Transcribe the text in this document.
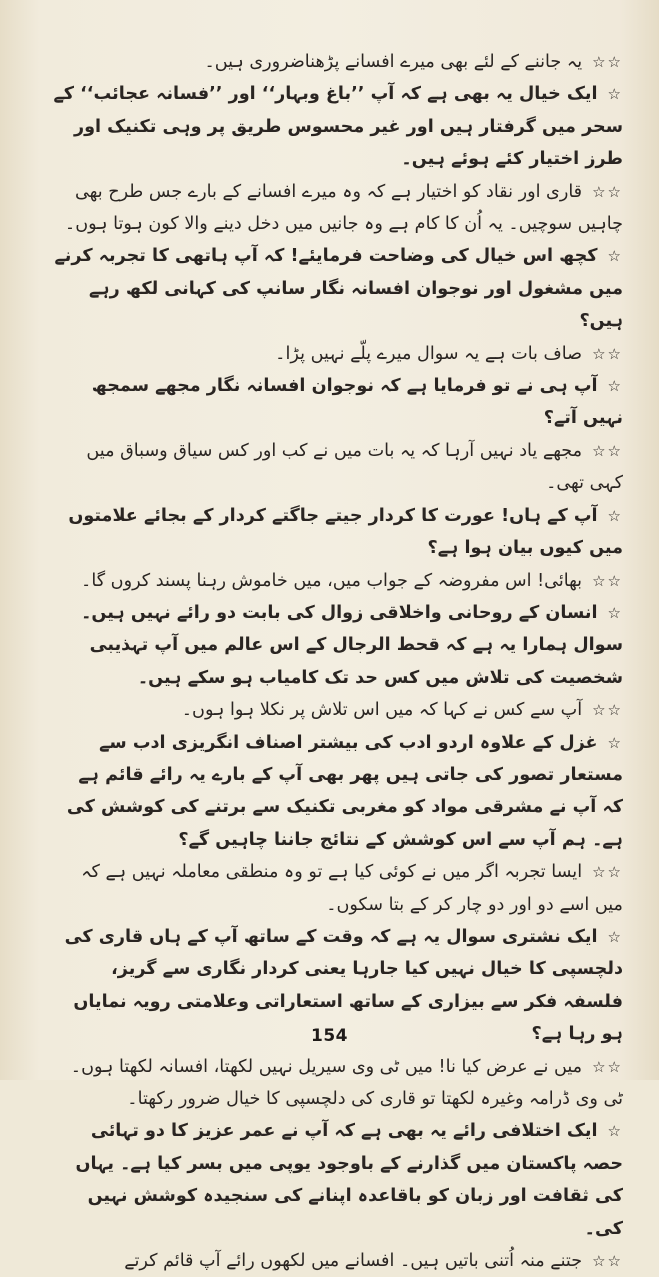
☆☆یہ جاننے کے لئے بھی میرے افسانے پڑھناضروری ہیں۔

☆ایک خیال یہ بھی ہے کہ آپ ’’باغ وبہار‘‘ اور ’’فسانہ عجائب‘‘ کے سحر میں گرفتار ہیں اور غیر محسوس طریق پر وہی تکنیک اور طرز اختیار کئے ہوئے ہیں۔

☆☆قاری اور نقاد کو اختیار ہے کہ وہ میرے افسانے کے بارے جس طرح بھی چاہیں سوچیں۔ یہ اُن کا کام ہے وہ جانیں میں دخل دینے والا کون ہوتا ہوں۔

☆کچھ اس خیال کی وضاحت فرمایئے! کہ آپ ہاتھی کا تجربہ کرنے میں مشغول اور نوجوان افسانہ نگار سانپ کی کہانی لکھ رہے ہیں؟

☆☆صاف بات ہے یہ سوال میرے پلّے نہیں پڑا۔

☆آپ ہی نے تو فرمایا ہے کہ نوجوان افسانہ نگار مجھے سمجھ نہیں آتے؟

☆☆مجھے یاد نہیں آرہا کہ یہ بات میں نے کب اور کس سیاق وسباق میں کہی تھی۔

☆آپ کے ہاں! عورت کا کردار جیتے جاگتے کردار کے بجائے علامتوں میں کیوں بیان ہوا ہے؟

☆☆بھائی! اس مفروضہ کے جواب میں، میں خاموش رہنا پسند کروں گا۔

☆انسان کے روحانی واخلاقی زوال کی بابت دو رائے نہیں ہیں۔ سوال ہمارا یہ ہے کہ قحط الرجال کے اس عالم میں آپ تہذیبی شخصیت کی تلاش میں کس حد تک کامیاب ہو سکے ہیں۔

☆☆آپ سے کس نے کہا کہ میں اس تلاش پر نکلا ہوا ہوں۔

☆غزل کے علاوہ اردو ادب کی بیشتر اصناف انگریزی ادب سے مستعار تصور کی جاتی ہیں پھر بھی آپ کے بارے یہ رائے قائم ہے کہ آپ نے مشرقی مواد کو مغربی تکنیک سے برتنے کی کوشش کی ہے۔ ہم آپ سے اس کوشش کے نتائج جاننا چاہیں گے؟

☆☆ایسا تجربہ اگر میں نے کوئی کیا ہے تو وہ منطقی معاملہ نہیں ہے کہ میں اسے دو اور دو چار کر کے بتا سکوں۔

☆ایک نشتری سوال یہ ہے کہ وقت کے ساتھ آپ کے ہاں قاری کی دلچسپی کا خیال نہیں کیا جارہا یعنی کردار نگاری سے گریز، فلسفہ فکر سے بیزاری کے ساتھ استعاراتی وعلامتی رویہ نمایاں ہو رہا ہے؟

☆☆میں نے عرض کیا نا! میں ٹی وی سیریل نہیں لکھتا، افسانہ لکھتا ہوں۔ ٹی وی ڈرامہ وغیرہ لکھتا تو قاری کی دلچسپی کا خیال ضرور رکھتا۔

☆ایک اختلافی رائے یہ بھی ہے کہ آپ نے عمر عزیز کا دو تہائی حصہ پاکستان میں گذارنے کے باوجود یوپی میں بسر کیا ہے۔ یہاں کی ثقافت اور زبان کو باقاعدہ اپنانے کی سنجیدہ کوشش نہیں کی۔

☆☆جتنے منہ اُتنی باتیں ہیں۔ افسانے میں لکھوں رائے آپ قائم کرتے

154
